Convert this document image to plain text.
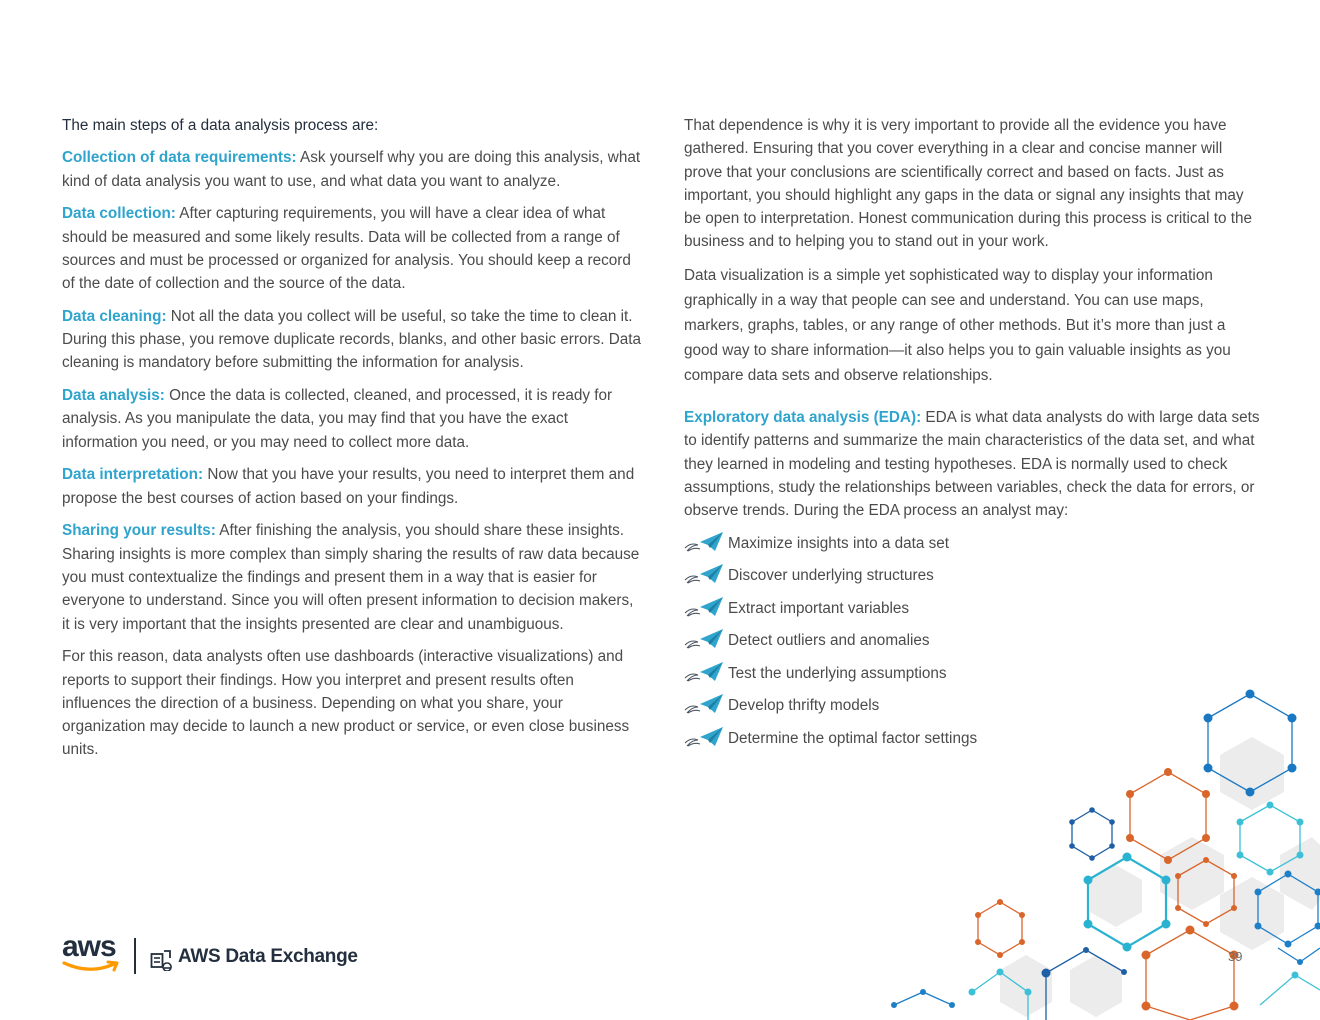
The main steps of a data analysis process are:

Collection of data requirements: Ask yourself why you are doing this analysis, what kind of data analysis you want to use, and what data you want to analyze.

Data collection: After capturing requirements, you will have a clear idea of what should be measured and some likely results. Data will be collected from a range of sources and must be processed or organized for analysis. You should keep a record of the date of collection and the source of the data.

Data cleaning: Not all the data you collect will be useful, so take the time to clean it. During this phase, you remove duplicate records, blanks, and other basic errors. Data cleaning is mandatory before submitting the information for analysis.

Data analysis: Once the data is collected, cleaned, and processed, it is ready for analysis. As you manipulate the data, you may find that you have the exact information you need, or you may need to collect more data.

Data interpretation: Now that you have your results, you need to interpret them and propose the best courses of action based on your findings.

Sharing your results: After finishing the analysis, you should share these insights. Sharing insights is more complex than simply sharing the results of raw data because you must contextualize the findings and present them in a way that is easier for everyone to understand. Since you will often present information to decision makers, it is very important that the insights presented are clear and unambiguous.

For this reason, data analysts often use dashboards (interactive visualizations) and reports to support their findings. How you interpret and present results often influences the direction of a business. Depending on what you share, your organization may decide to launch a new product or service, or even close business units.

That dependence is why it is very important to provide all the evidence you have gathered. Ensuring that you cover everything in a clear and concise manner will prove that your conclusions are scientifically correct and based on facts. Just as important, you should highlight any gaps in the data or signal any insights that may be open to interpretation. Honest communication during this process is critical to the business and to helping you to stand out in your work.

Data visualization is a simple yet sophisticated way to display your information graphically in a way that people can see and understand. You can use maps, markers, graphs, tables, or any range of other methods. But it’s more than just a good way to share information—it also helps you to gain valuable insights as you compare data sets and observe relationships.

Exploratory data analysis (EDA): EDA is what data analysts do with large data sets to identify patterns and summarize the main characteristics of the data set, and what they learned in modeling and testing hypotheses. EDA is normally used to check assumptions, study the relationships between variables, check the data for errors, or observe trends. During the EDA process an analyst may:

Maximize insights into a data set
Discover underlying structures
Extract important variables
Detect outliers and anomalies
Test the underlying assumptions
Develop thrifty models
Determine the optimal factor settings
aws	AWS Data Exchange	39
